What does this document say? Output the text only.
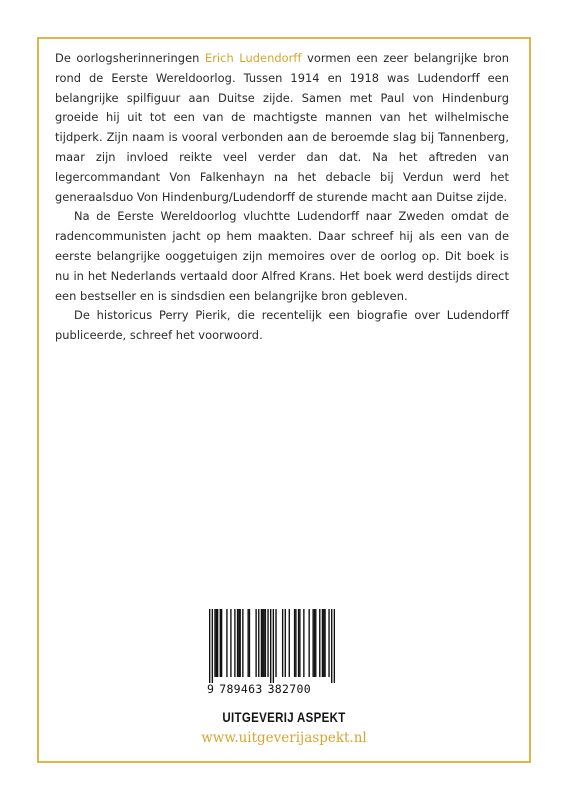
De oorlogsherinneringen Erich Ludendorff vormen een zeer belangrijke bron rond de Eerste Wereldoorlog. Tussen 1914 en 1918 was Ludendorff een belangrijke spilfiguur aan Duitse zijde. Samen met Paul von Hindenburg groeide hij uit tot een van de machtigste mannen van het wilhelmische tijdperk. Zijn naam is vooral verbonden aan de beroemde slag bij Tannenberg, maar zijn invloed reikte veel verder dan dat. Na het aftreden van legercommandant Von Falkenhayn na het debacle bij Verdun werd het generaalsduo Von Hindenburg/Ludendorff de sturende macht aan Duitse zijde.

Na de Eerste Wereldoorlog vluchtte Ludendorff naar Zweden omdat de radencommunisten jacht op hem maakten. Daar schreef hij als een van de eerste belangrijke ooggetuigen zijn memoires over de oorlog op. Dit boek is nu in het Nederlands vertaald door Alfred Krans. Het boek werd destijds direct een bestseller en is sindsdien een belangrijke bron gebleven.

De historicus Perry Pierik, die recentelijk een biografie over Ludendorff publiceerde, schreef het voorwoord.

9 789463 382700
UITGEVERIJ ASPEKT
www.uitgeverijaspekt.nl
